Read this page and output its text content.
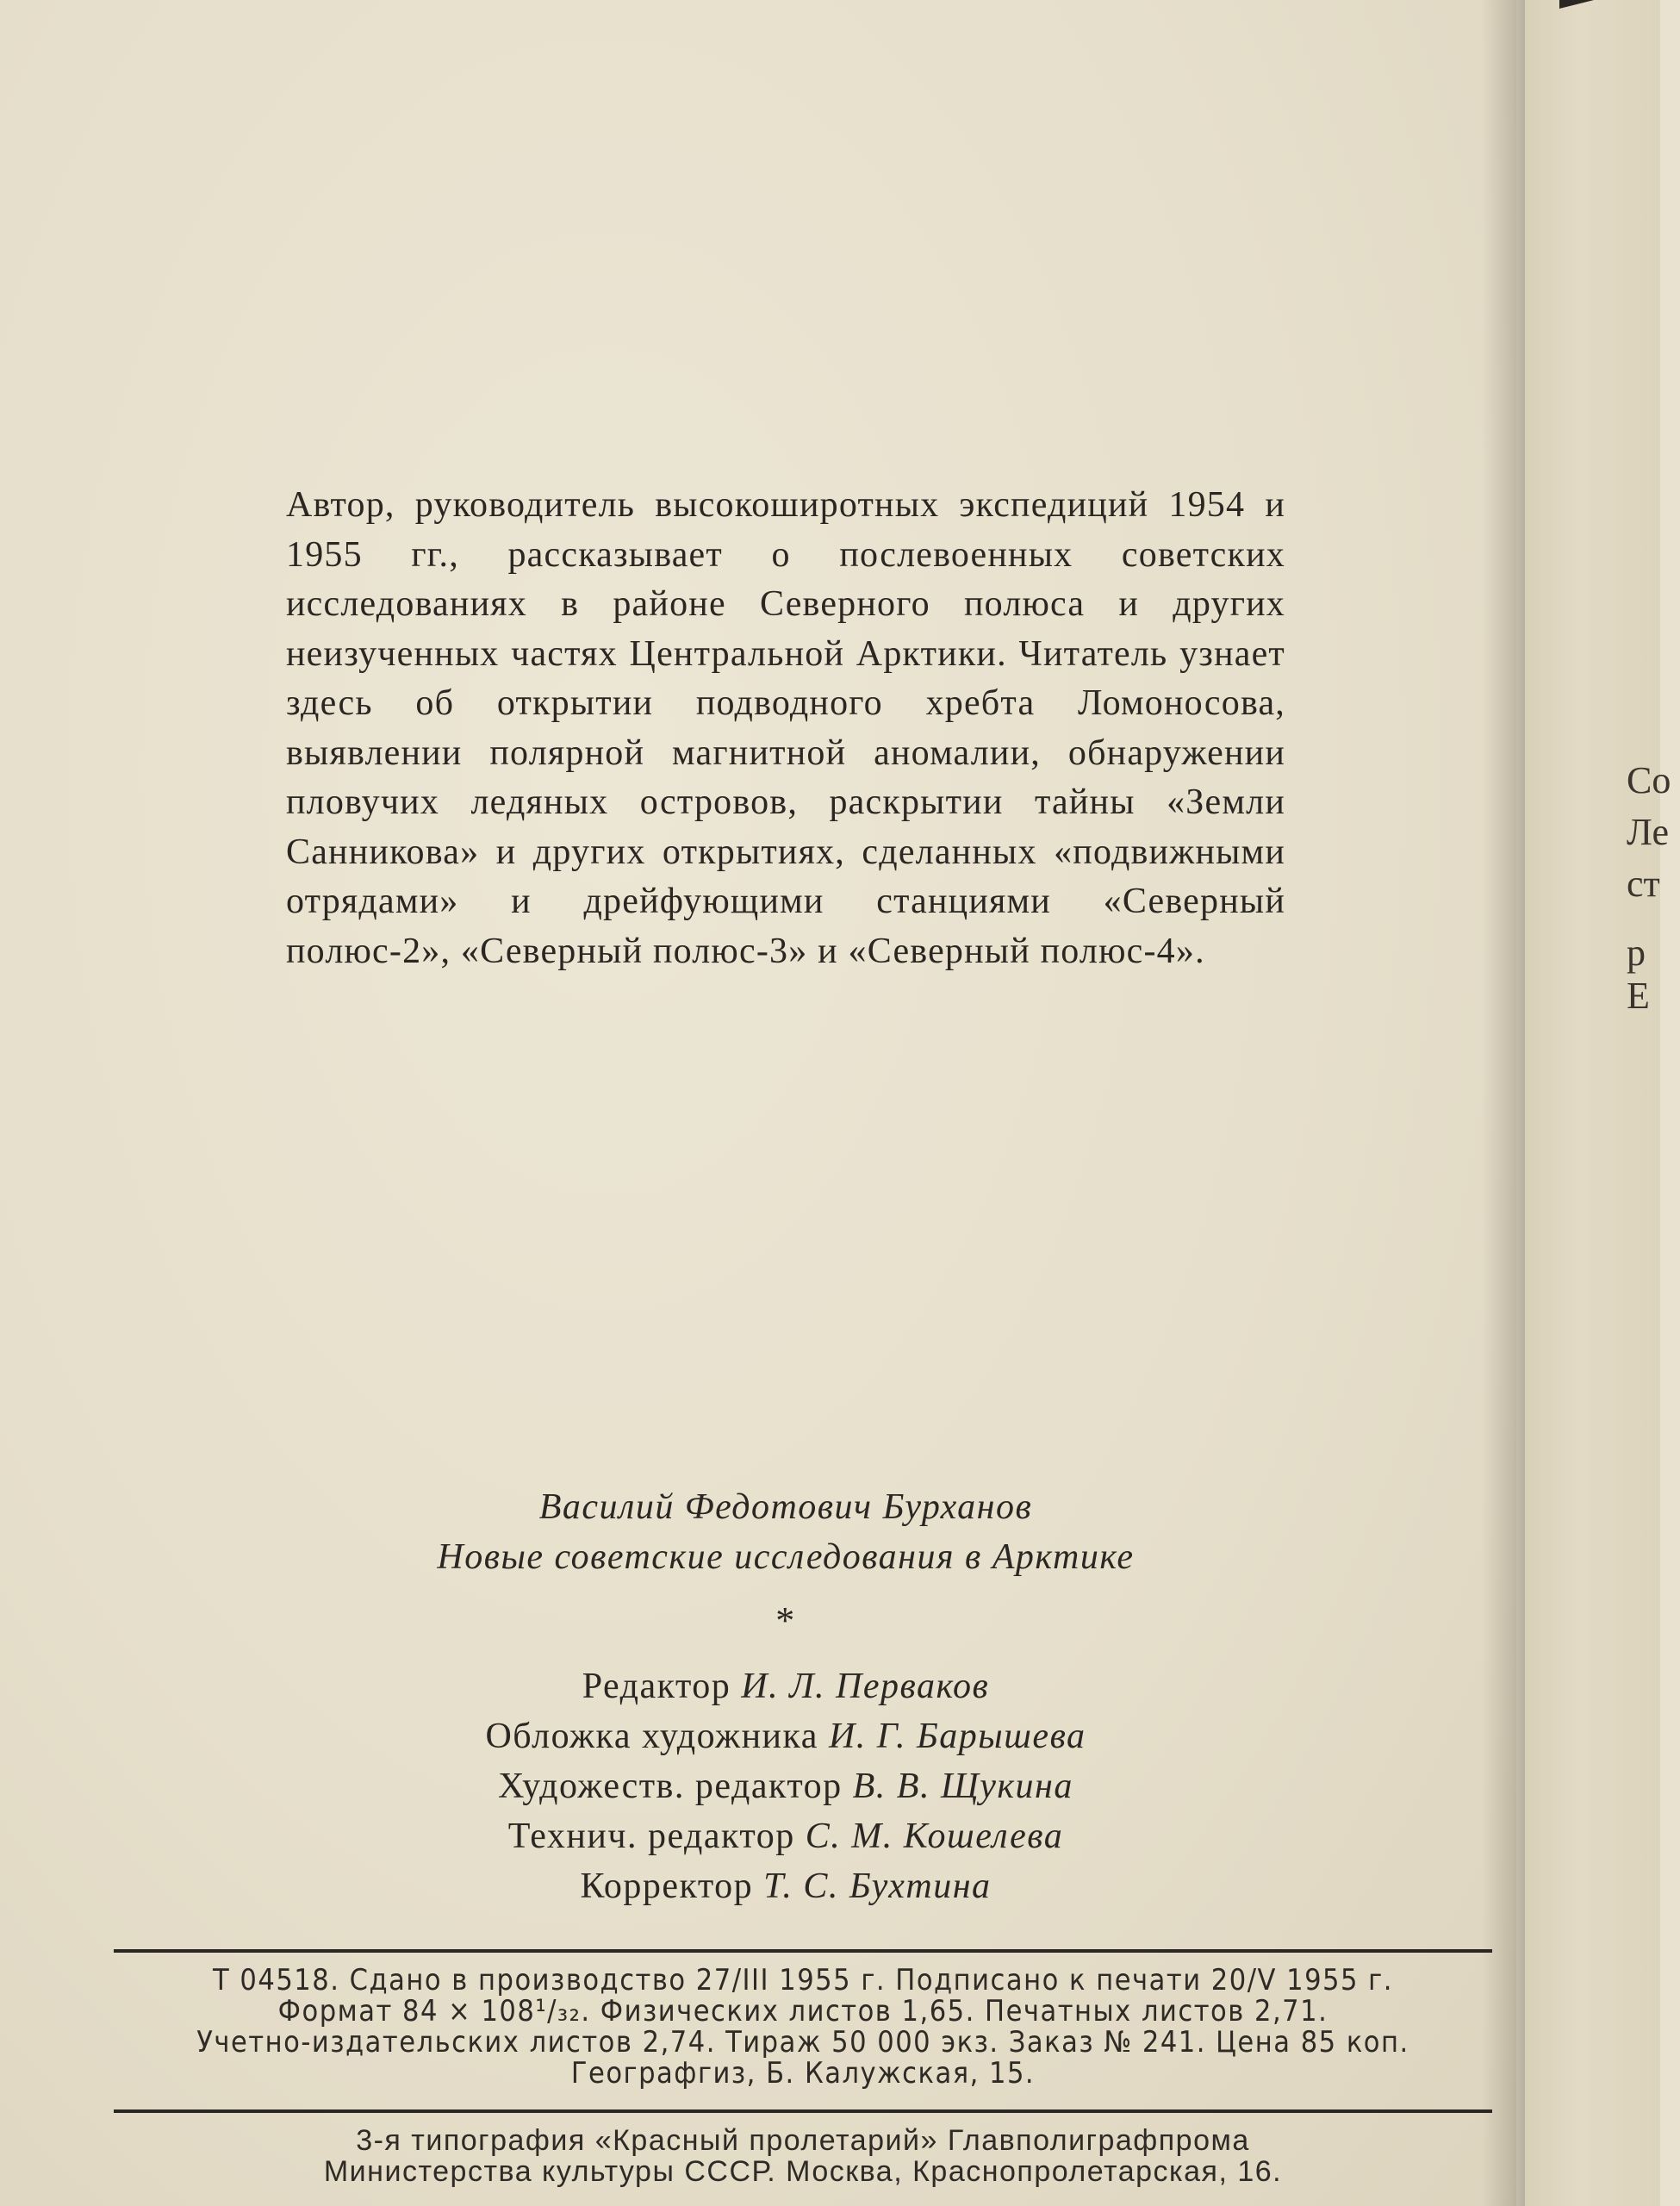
Со
Ле
ст
р
Е

Автор, руководитель высокоширотных экспедиций 1954 и 1955 гг., рассказывает о послевоенных советских исследованиях в районе Северного полюса и других неизученных частях Центральной Арктики. Читатель узнает здесь об открытии подводного хребта Ломоносова, выявлении полярной магнитной аномалии, обнаружении пловучих ледяных островов, раскрытии тайны «Земли Санникова» и других открытиях, сделанных «подвижными отрядами» и дрейфующими станциями «Северный полюс-2», «Северный полюс-3» и «Северный полюс-4».

Василий Федотович Бурханов
Новые советские исследования в Арктике
*
Редактор И. Л. Перваков
Обложка художника И. Г. Барышева
Художеств. редактор В. В. Щукина
Технич. редактор С. М. Кошелева
Корректор Т. С. Бухтина
Т 04518. Сдано в производство 27/III 1955 г. Подписано к печати 20/V 1955 г.
Формат 84 × 108¹/₃₂. Физических листов 1,65. Печатных листов 2,71.
Учетно-издательских листов 2,74. Тираж 50 000 экз. Заказ № 241. Цена 85 коп.
Географгиз, Б. Калужская, 15.
3-я типография «Красный пролетарий» Главполиграфпрома
Министерства культуры СССР. Москва, Краснопролетарская, 16.
